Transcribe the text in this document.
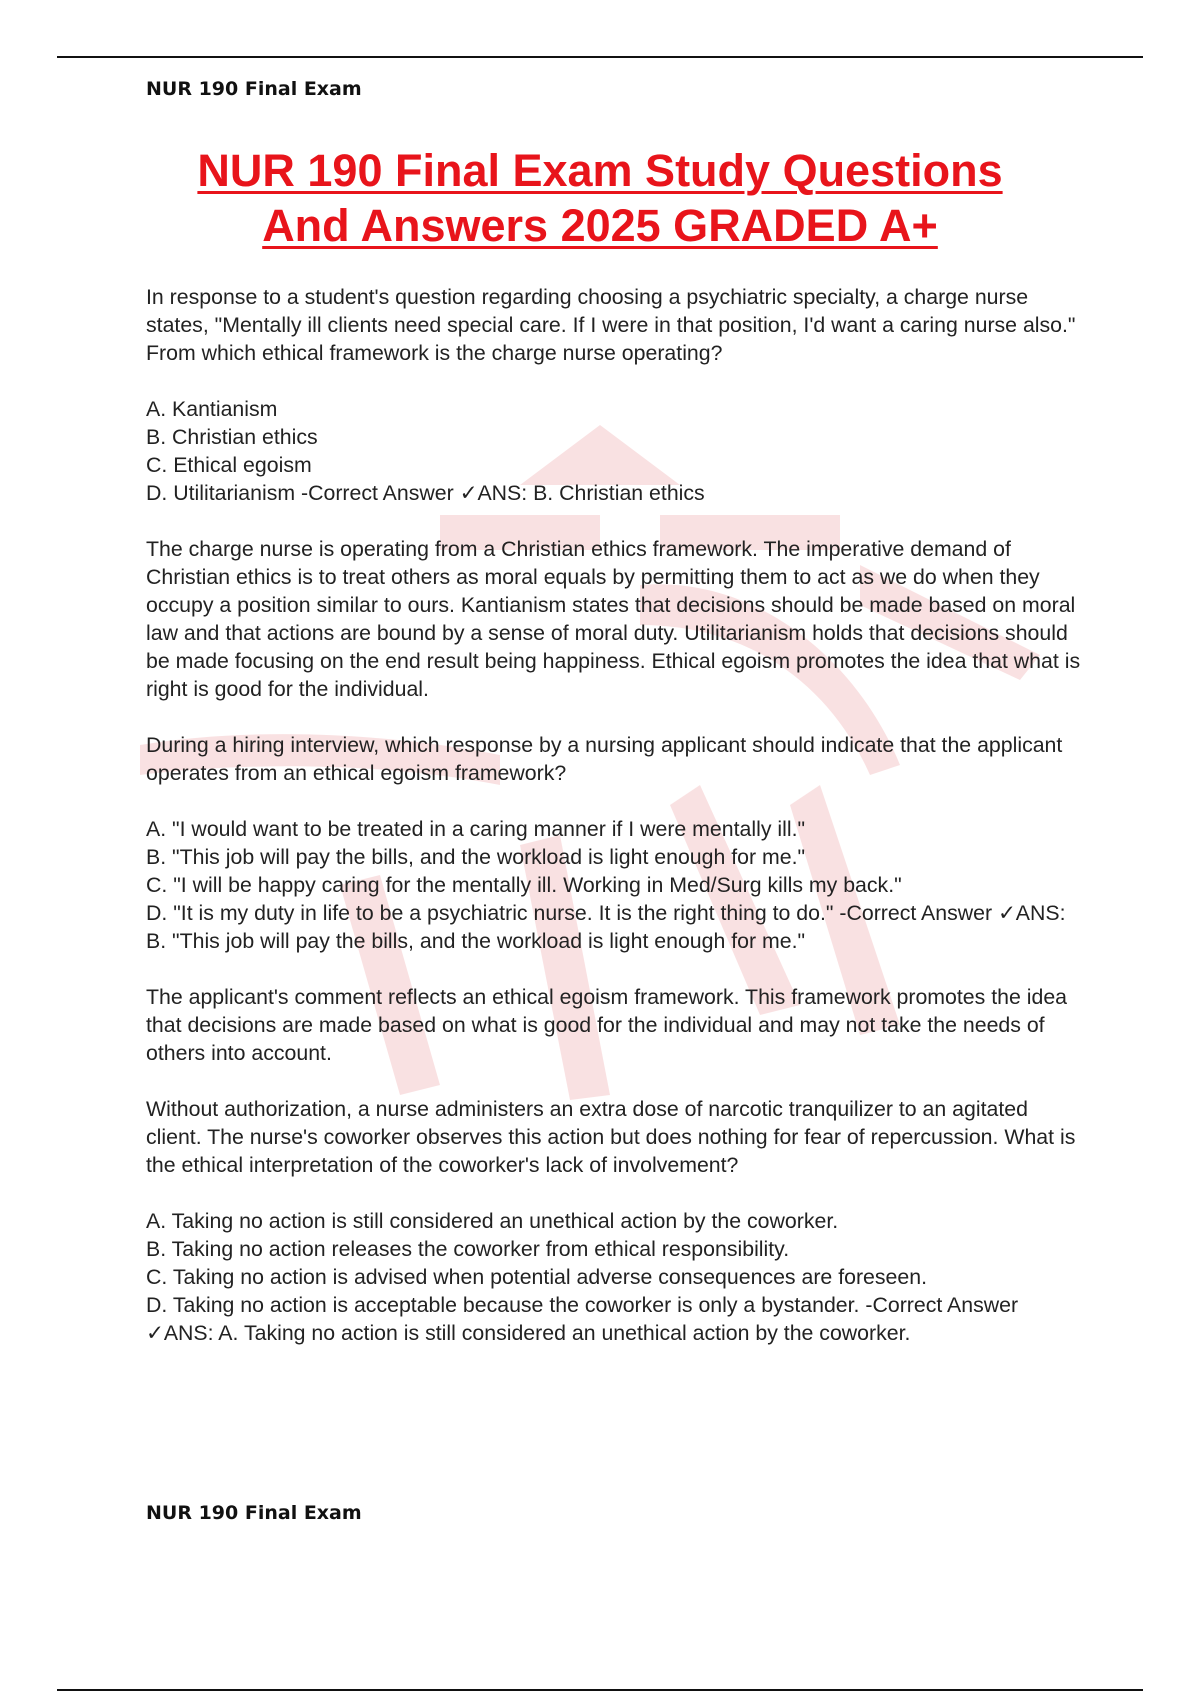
NUR 190 Final Exam
NUR 190 Final Exam Study Questions
And Answers 2025 GRADED A+

In response to a student's question regarding choosing a psychiatric specialty, a charge nurse states, "Mentally ill clients need special care. If I were in that position, I'd want a caring nurse also." From which ethical framework is the charge nurse operating?

A. Kantianism
B. Christian ethics
C. Ethical egoism
D. Utilitarianism -Correct Answer ✓ANS: B. Christian ethics

The charge nurse is operating from a Christian ethics framework. The imperative demand of Christian ethics is to treat others as moral equals by permitting them to act as we do when they occupy a position similar to ours. Kantianism states that decisions should be made based on moral law and that actions are bound by a sense of moral duty. Utilitarianism holds that decisions should be made focusing on the end result being happiness. Ethical egoism promotes the idea that what is right is good for the individual.

During a hiring interview, which response by a nursing applicant should indicate that the applicant operates from an ethical egoism framework?

A. "I would want to be treated in a caring manner if I were mentally ill."
B. "This job will pay the bills, and the workload is light enough for me."
C. "I will be happy caring for the mentally ill. Working in Med/Surg kills my back."
D. "It is my duty in life to be a psychiatric nurse. It is the right thing to do." -Correct Answer ✓ANS: B. "This job will pay the bills, and the workload is light enough for me."

The applicant's comment reflects an ethical egoism framework. This framework promotes the idea that decisions are made based on what is good for the individual and may not take the needs of others into account.

Without authorization, a nurse administers an extra dose of narcotic tranquilizer to an agitated client. The nurse's coworker observes this action but does nothing for fear of repercussion. What is the ethical interpretation of the coworker's lack of involvement?

A. Taking no action is still considered an unethical action by the coworker.
B. Taking no action releases the coworker from ethical responsibility.
C. Taking no action is advised when potential adverse consequences are foreseen.
D. Taking no action is acceptable because the coworker is only a bystander. -Correct Answer ✓ANS: A. Taking no action is still considered an unethical action by the coworker.
NUR 190 Final Exam
